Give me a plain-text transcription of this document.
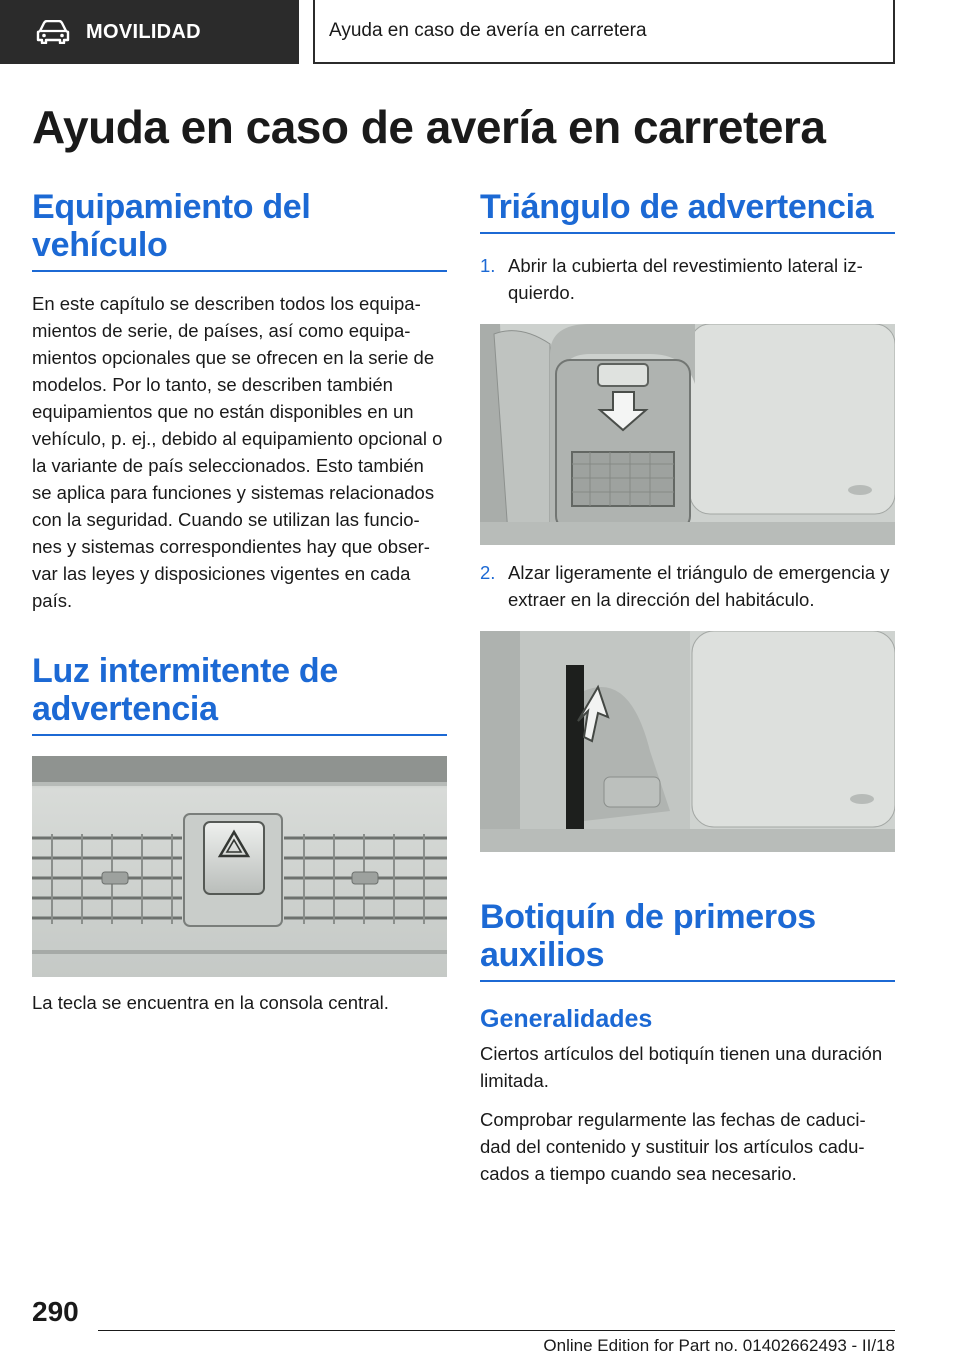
MOVILIDAD	Ayuda en caso de avería en carretera
Ayuda en caso de avería en carretera
Equipamiento del vehículo

En este capítulo se describen todos los equipa-mientos de serie, de países, así como equipa-mientos opcionales que se ofrecen en la serie de modelos. Por lo tanto, se describen también equipamientos que no están disponibles en un vehículo, p. ej., debido al equipamiento opcional o la variante de país seleccionados. Esto también se aplica para funciones y sistemas relacionados con la seguridad. Cuando se utilizan las funcio-nes y sistemas correspondientes hay que obser-var las leyes y disposiciones vigentes en cada país.

Luz intermitente de
advertencia

La tecla se encuentra en la consola central.

Triángulo de advertencia
1. Abrir la cubierta del revestimiento lateral iz-quierdo.
2. Alzar ligeramente el triángulo de emergencia y extraer en la dirección del habitáculo.
Botiquín de primeros
auxilios
Generalidades

Ciertos artículos del botiquín tienen una duración limitada.

Comprobar regularmente las fechas de caduci-dad del contenido y sustituir los artículos cadu-cados a tiempo cuando sea necesario.

290
Online Edition for Part no. 01402662493 - II/18
